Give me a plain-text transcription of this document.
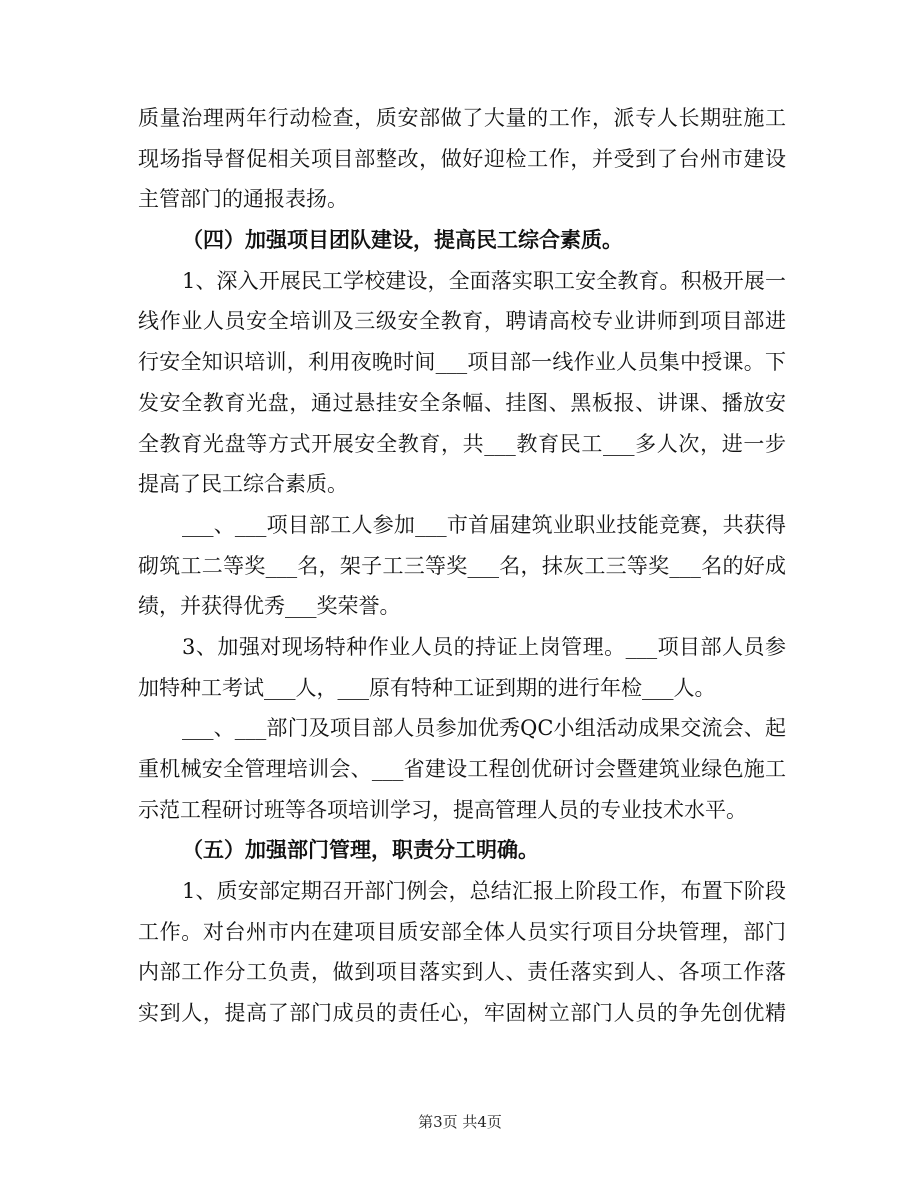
质量治理两年行动检查，质安部做了大量的工作，派专人长期驻施工
现场指导督促相关项目部整改，做好迎检工作，并受到了台州市建设
主管部门的通报表扬。
（四）加强项目团队建设，提高民工综合素质。
1、深入开展民工学校建设，全面落实职工安全教育。积极开展一
线作业人员安全培训及三级安全教育，聘请高校专业讲师到项目部进
行安全知识培训，利用夜晚时间___项目部一线作业人员集中授课。下
发安全教育光盘，通过悬挂安全条幅、挂图、黑板报、讲课、播放安
全教育光盘等方式开展安全教育，共___教育民工___多人次，进一步
提高了民工综合素质。
___、___项目部工人参加___市首届建筑业职业技能竞赛，共获得
砌筑工二等奖___名，架子工三等奖___名，抹灰工三等奖___名的好成
绩，并获得优秀___奖荣誉。
3、加强对现场特种作业人员的持证上岗管理。___项目部人员参
加特种工考试___人，___原有特种工证到期的进行年检___人。
___、___部门及项目部人员参加优秀QC小组活动成果交流会、起
重机械安全管理培训会、___省建设工程创优研讨会暨建筑业绿色施工
示范工程研讨班等各项培训学习，提高管理人员的专业技术水平。
（五）加强部门管理，职责分工明确。
1、质安部定期召开部门例会，总结汇报上阶段工作，布置下阶段
工作。对台州市内在建项目质安部全体人员实行项目分块管理，部门
内部工作分工负责，做到项目落实到人、责任落实到人、各项工作落
实到人，提高了部门成员的责任心，牢固树立部门人员的争先创优精
第3页 共4页
